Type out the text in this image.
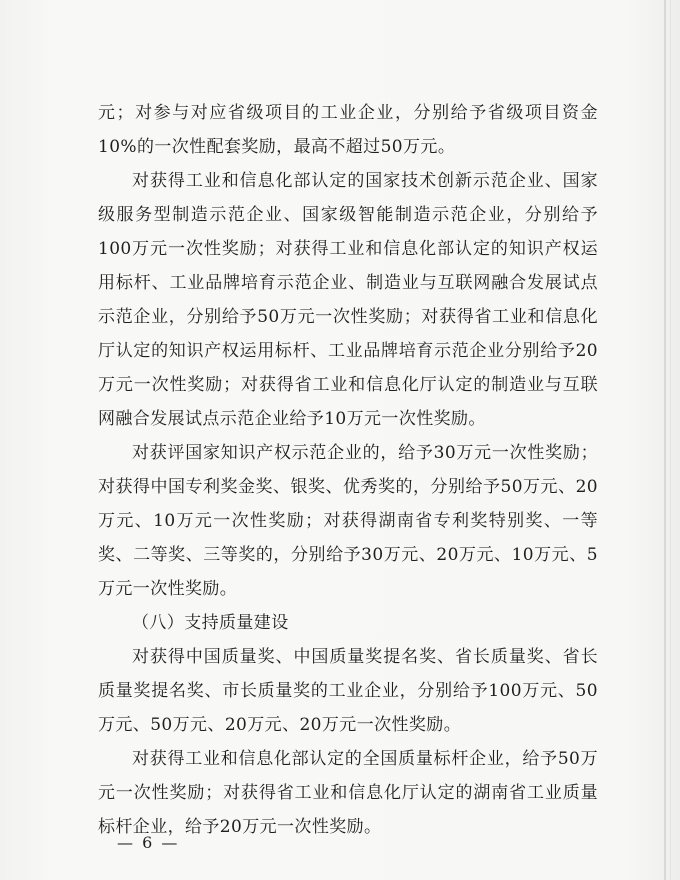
元；对参与对应省级项目的工业企业，分别给予省级项目资金10%的一次性配套奖励，最高不超过50万元。

对获得工业和信息化部认定的国家技术创新示范企业、国家级服务型制造示范企业、国家级智能制造示范企业，分别给予100万元一次性奖励；对获得工业和信息化部认定的知识产权运用标杆、工业品牌培育示范企业、制造业与互联网融合发展试点示范企业，分别给予50万元一次性奖励；对获得省工业和信息化厅认定的知识产权运用标杆、工业品牌培育示范企业分别给予20万元一次性奖励；对获得省工业和信息化厅认定的制造业与互联网融合发展试点示范企业给予10万元一次性奖励。

对获评国家知识产权示范企业的，给予30万元一次性奖励；对获得中国专利奖金奖、银奖、优秀奖的，分别给予50万元、20万元、10万元一次性奖励；对获得湖南省专利奖特别奖、一等奖、二等奖、三等奖的，分别给予30万元、20万元、10万元、5万元一次性奖励。

（八）支持质量建设

对获得中国质量奖、中国质量奖提名奖、省长质量奖、省长质量奖提名奖、市长质量奖的工业企业，分别给予100万元、50万元、50万元、20万元、20万元一次性奖励。

对获得工业和信息化部认定的全国质量标杆企业，给予50万元一次性奖励；对获得省工业和信息化厅认定的湖南省工业质量标杆企业，给予20万元一次性奖励。

— 6 —
